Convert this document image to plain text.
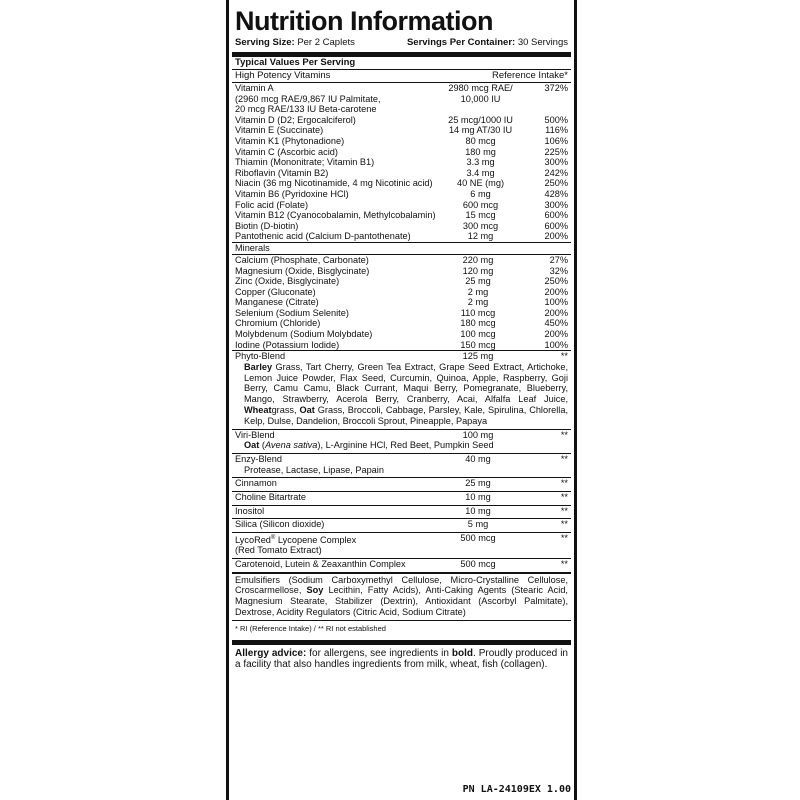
Nutrition Information
Serving Size: Per 2 Caplets	Servings Per Container: 30 Servings
Typical Values Per Serving
High Potency Vitamins	Reference Intake*
Vitamin A	2980 mcg RAE/	372%
(2960 mcg RAE/9,867 IU Palmitate,	10,000 IU	
20 mcg RAE/133 IU Beta-carotene		
Vitamin D (D2; Ergocalciferol)	25 mcg/1000 IU	500%
Vitamin E (Succinate)	14 mg AT/30 IU	116%
Vitamin K1 (Phytonadione)	80 mcg	106%
Vitamin C (Ascorbic acid)	180 mg	225%
Thiamin (Mononitrate; Vitamin B1)	3.3 mg	300%
Riboflavin (Vitamin B2)	3.4 mg	242%
Niacin (36 mg Nicotinamide, 4 mg Nicotinic acid)	40 NE (mg)	250%
Vitamin B6 (Pyridoxine HCl)	6 mg	428%
Folic acid (Folate)	600 mcg	300%
Vitamin B12 (Cyanocobalamin, Methylcobalamin)	15 mcg	600%
Biotin (D-biotin)	300 mcg	600%
Pantothenic acid (Calcium D-pantothenate)	12 mg	200%
Minerals
Calcium (Phosphate, Carbonate)	220 mg	27%
Magnesium (Oxide, Bisglycinate)	120 mg	32%
Zinc (Oxide, Bisglycinate)	25 mg	250%
Copper (Gluconate)	2 mg	200%
Manganese (Citrate)	2 mg	100%
Selenium (Sodium Selenite)	110 mcg	200%
Chromium (Chloride)	180 mcg	450%
Molybdenum (Sodium Molybdate)	100 mcg	200%
Iodine (Potassium Iodide)	150 mcg	100%
Phyto-Blend	125 mg	**
Barley Grass, Tart Cherry, Green Tea Extract, Grape Seed Extract, Artichoke, Lemon Juice Powder, Flax Seed, Curcumin, Quinoa, Apple, Raspberry, Goji Berry, Camu Camu, Black Currant, Maqui Berry, Pomegranate, Blueberry, Mango, Strawberry, Acerola Berry, Cranberry, Acai, Alfalfa Leaf Juice, Wheatgrass, Oat Grass, Broccoli, Cabbage, Parsley, Kale, Spirulina, Chlorella, Kelp, Dulse, Dandelion, Broccoli Sprout, Pineapple, Papaya
Viri-Blend	100 mg	**
Oat (Avena sativa), L-Arginine HCl, Red Beet, Pumpkin Seed
Enzy-Blend	40 mg	**
Protease, Lactase, Lipase, Papain
Cinnamon	25 mg	**
Choline Bitartrate	10 mg	**
Inositol	10 mg	**
Silica (Silicon dioxide)	5 mg	**
LycoRed® Lycopene Complex	500 mcg	**
(Red Tomato Extract)		
Carotenoid, Lutein & Zeaxanthin Complex	500 mcg	**
Emulsifiers (Sodium Carboxymethyl Cellulose, Micro-Crystalline Cellulose, Croscarmellose, Soy Lecithin, Fatty Acids), Anti-Caking Agents (Stearic Acid, Magnesium Stearate, Stabilizer (Dextrin), Antioxidant (Ascorbyl Palmitate), Dextrose, Acidity Regulators (Citric Acid, Sodium Citrate)
* RI (Reference Intake) / ** RI not established
Allergy advice: for allergens, see ingredients in bold. Proudly produced in a facility that also handles ingredients from milk, wheat, fish (collagen).
PN LA-24109EX 1.00
